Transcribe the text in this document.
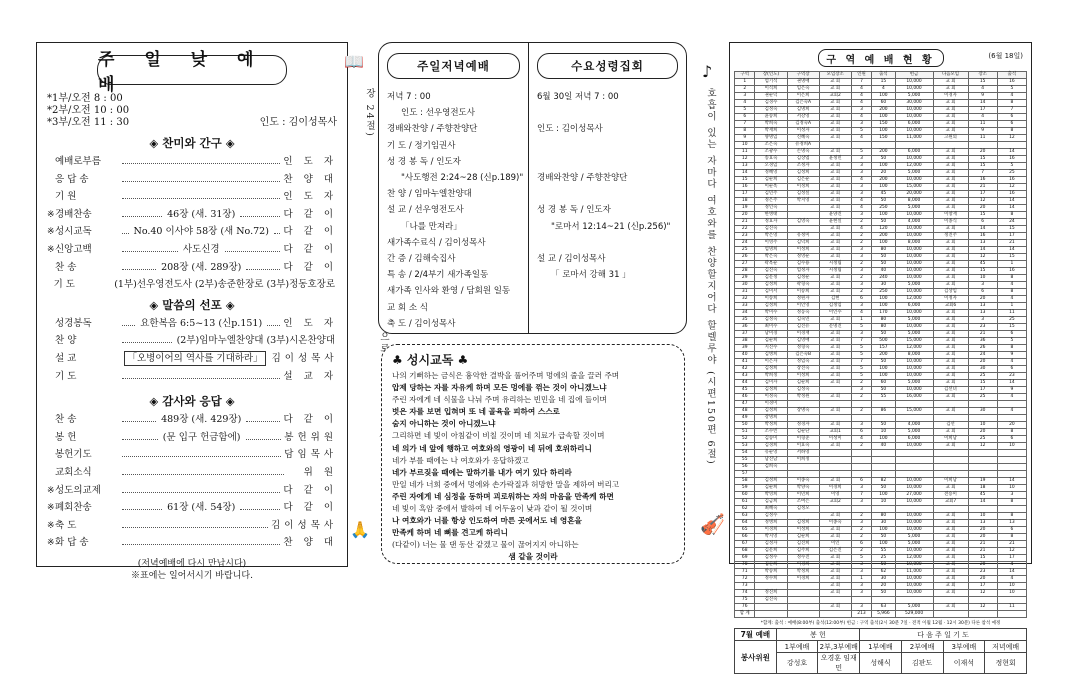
주 일 낮 예 배
*1부/오전 8 : 00
*2부/오전 10 : 00
*3부/오전 11 : 30	인도 : 김이성목사
◈ 찬미와 간구 ◈
예배로부름	인 도 자
응 답 송	찬 양 대
기 원	인 도 자
※ 경배찬송	46장 (새. 31장)	다 같 이
※ 성시교독	No.40 이사야 58장 (새 No.72) 다 같 이
※ 신앙고백	사도신경	다 같 이
찬 송	208장 (새. 289장)	다 같 이
기 도	(1부)선우영전도사 (2부)송준한장로 (3부)정동호장로
◈ 말씀의 선포 ◈
성경봉독	요한복음 6:5~13 (신p.151) 인 도 자
찬 양	(2부)임마누엘찬양대 (3부)시온찬양대
설 교	「오병이어의 역사를 기대하라」 김이성목사
기 도	설 교 자
◈ 감사와 응답 ◈
찬 송	489장 (새. 429장)	다 같 이
봉 헌	(문 입구 헌금함에)	봉헌위원
봉헌기도	담임목사
교회소식	위 원
※ 성도의교제	다 같 이
※ 폐회찬송	61장 (새. 54장)	다 같 이
※ 축 도	김이성목사
※ 화 답 송	찬 양 대
(저녁예배에 다시 만납시다)
※표에는 일어서시기 바랍니다.
장 24절)
📖
🙏
호흡이 있는 자마다 여호와를 찬양할지어다 할렐루야 (시편150편 6절)
♪
🎻
주일저녁예배
저녁 7 : 00
인도 : 선우영전도사
경배와찬양 / 주향찬양단
기 도 / 정기임권사
성 경 봉 독 / 인도자
"사도행전 2:24~28 (신p.189)"
찬 양 / 임마누엘찬양대
설 교 / 선우영전도사
「나를 만져라」
새가족수료식 / 김이성목사
간 증 / 김해숙집사
특 송 / 2/4부기 새가족일동
새가족 인사와 환영 / 담회원 일동
교 회 소 식
축 도 / 김이성목사
수요성령집회
6월 30일 저녁 7 : 00

인도 : 김이성목사

경배와찬양 / 주향찬양단

성 경 봉 독 / 인도자
"로마서 12:14~21 (신p.256)"

설 교 / 김이성목사
「 로마서 강해 31 」
♣ 성시교독 ♣
나의 기뻐하는 금식은 흉악한 결박을 풀어주며 멍에의 줄을 끌러 주며
압제 당하는 자를 자유케 하며 모든 멍에를 꺾는 것이 아니겠느냐
주린 자에게 네 식물을 나눠 주며 유리하는 빈민을 네 집에 들이며
벗은 자를 보면 입혀며 또 네 골육을 피하여 스스로
숨지 아니하는 것이 아니겠느냐
그리하면 네 빛이 아침같이 비칠 것이며 네 치료가 급속할 것이며
네 의가 네 앞에 행하고 여호와의 영광이 네 뒤에 호위하리니
네가 부를 때에는 나 여호와가 응답하겠고
네가 부르짖을 때에는 말하기를 내가 여기 있다 하리라
만일 네가 너희 중에서 멍에와 손가락질과 허망한 말을 제하여 버리고
주린 자에게 네 심정을 동하며 괴로워하는 자의 마음을 만족케 하면
네 빛이 흑암 중에서 발하여 네 어두움이 낮과 같이 될 것이며
나 여호와가 너를 항상 인도하여 마른 곳에서도 네 영혼을
만족케 하며 네 뼈를 견고케 하리니
(다같이) 너는 물 댄 동산 같겠고 물이 끊어지지 아니하는
샘 같을 것이라
구 역 예 배 현 황	(6월 18일)
구역	장(인도)	구역장	모임장소	인원	출석	헌금	다음모임	장소	출석
1	엄기석	권명애	교 회	7	15	10,000	교 회	15	16
2	이석희	임은숙	교 회	4	4	10,000	교 회	4	5
3	권순덕	이은희	교회2	4	100	5,000	이경자	9	4
4	김경수	김은숙A	교 회	4	60	30,000	교 회	14	8
5	김정숙	김명희	교 회	3	200	10,000	교 회	17	7
6	윤승희	서강영	교 회	4	100	10,000	교 회	4	6
7	박희숙	김정숙A	교 회	3	150	6,000	교 회	11	6
8	박재희	이성자	교 회	5	100	10,000	교 회	9	8
9	양명임	신혜숙	교 회	4	150	11,000	고원의	11	12
10	조은숙	유정희A							
11	조광수	손명숙	교 회	5	200	6,000	교 회	20	14
12	송효숙	김상엽	윤정민	3	50	10,000	교 회	15	16
13	오경임	조정자	교 회	3	100	12,000	교 회	15	5
14	정혜영	김성희	교 회	3	20	5,000	교 회	7	25
15	김순희	김은순	교 회	4	200	10,000	교 회	16	16
16	이순옥	이정희	교 회	3	100	15,000	교 회	21	12
17	김민주	김성실	교 회	3	45	20,000	교 회	17	16
18	정은주	박지영	교 회	4	50	8,000	교 회	12	14
19	정인숙		교 회	4	250	5,000	교 회	20	14
20	한병태		윤양진	3	100	10,000	이창재	15	8
21	정효자	김영숙	윤현실	2	50	4,000	이종식	6	24
22	김진숙		교 회	4	120	10,000	교 회	14	15
23	박은영	유정미	교 회	2	200	10,000	정진주	16	17
24	이영주	김덕희	교 회	2	100	8,000	교 회	13	21
25	엄명희	이성희	교 회	3	80	10,000	교 회	14	14
26	박은숙	정영순	교 회	3	50	10,000	교 회	12	15
27	곽옥순	김수용	시정림	2	50	10,000	교 회	45	1
28	김진숙	엄정자	시정림	3	40	10,000	교 회	15	16
29	김문정	김정순	교 회	2	240	10,000	교 회	10	8
30	김성희	곽형숙	교 회	3	30	5,000	교 회	3	4
31	김미서	이승희	교 회	2	250	10,000	김상임	6	8
32	이송희	정원자	김현	6	100	12,000	이정자	20	4
33	김성희	이인영	김정임	3	100	6,000	교회6	13	1
34	박미수	정동숙	이인수	4	170	10,000	교 회	13	11
35	김정숙	김숙연	교 회	1	80	5,000	교 회	3	25
36	최미수	김진유	문명진	5	80	10,000	교 회	23	15
37	남미경	이경재	교 회	3	50	5,000	교 회	21	6
38	김순희	김영애	교 회	7	500	15,000	교 회	36	5
39	지진수	정형숙	교 회	5	157	12,000	교 회	26	8
40	김병희	김은숙B	교 회	5	200	8,000	교 회	24	9
41	이은자	정임숙	교 회	7	50	10,000	교 회	20	4
42	김정희	장진숙	교 회	5	100	10,000	교 회	30	6
43	박희정	이성희	교 회	5	100	10,000	교 회	25	23
44	김미자	김순희	교 회	2	60	5,000	교 회	15	14
45	김정희	김성숙		3	50	10,000	김선녀	17	9
46	이정숙	박정원	교 회	2	55	16,000	교 회	25	4
47	이경미								
48	김성희	장명숙	교 회	2	86	15,000	교 회	30	4
49	강명희								
50	박정희	정경자	교 회	3	50	4,000	김선	10	20
51	조수빈	김순단	교회1	6	10	5,000	교 회	20	8
52	김승미	이형준	이성미	4	100	6,000	이희남	25	6
53	김경희	이효숙	교 회	2	40	10,000	교 회	12	10
54	유순영	서하영							
55	남진남	이희정							
56	김희숙								
57									
58	김성희	이종숙	교 회	6	82	10,000	이희남	19	14
59	김순희	박양숙	이경희	3	50	10,000	교 회	18	10
60	박영희	이민희	이영	7	100	27,000	전승미	45	3
61	김금희	조여은	교회2	3	10	10,000	교회7	14	8
62	최혜숙	김정모							
63	김정수		교 회	2	80	10,000	교 회	10	8
64	정병희	김정희	이종숙	3	30	10,000	교 회	13	13
65	이경희	이성희	교 회	2	100	10,000	교 회	20	6
66	박지영	김순희	교 회	2	50	5,000	교 회	20	8
67	김성자	김진희	이인	6	100	5,000	교 회	21	21
68	김문희	김주희	김은진	2	55	10,000	교 회	21	12
69	김정수	정수진	교 회	5	25	12,000	교 회	15	17
70	김순희	이경희	교 회	3	50	10,000	교 회	20	4
71	박승희	박정희	교 회	3	62	11,000	교 회	23	14
72	정수희	이경희	교 회	1	30	10,000	교 회	20	4
73			교 회	3	20	10,000	교 회	17	10
74	정진희		교 회	3	50	10,000	교 회	12	10
75	김진숙								
76			교 회	3	63	5,000	교 회	12	11
합 계				213	5,966	529,000			
*합계: 출석 : 예배(8:00부) 출석(12:00부) 헌금 : 구역 출석(2시 30분 7일 · 전적 이월 12월 · 12시 30분) 다른 참석 예정
7월 예배	봉 헌		다 음 주 일 기 도			
봉사위원	1부예배	2부,3부예배	1부예배	2부예배	3부예배	저녁예배
	강성호	오경훈 임재민	성해식	김판도	이재석	정현회
